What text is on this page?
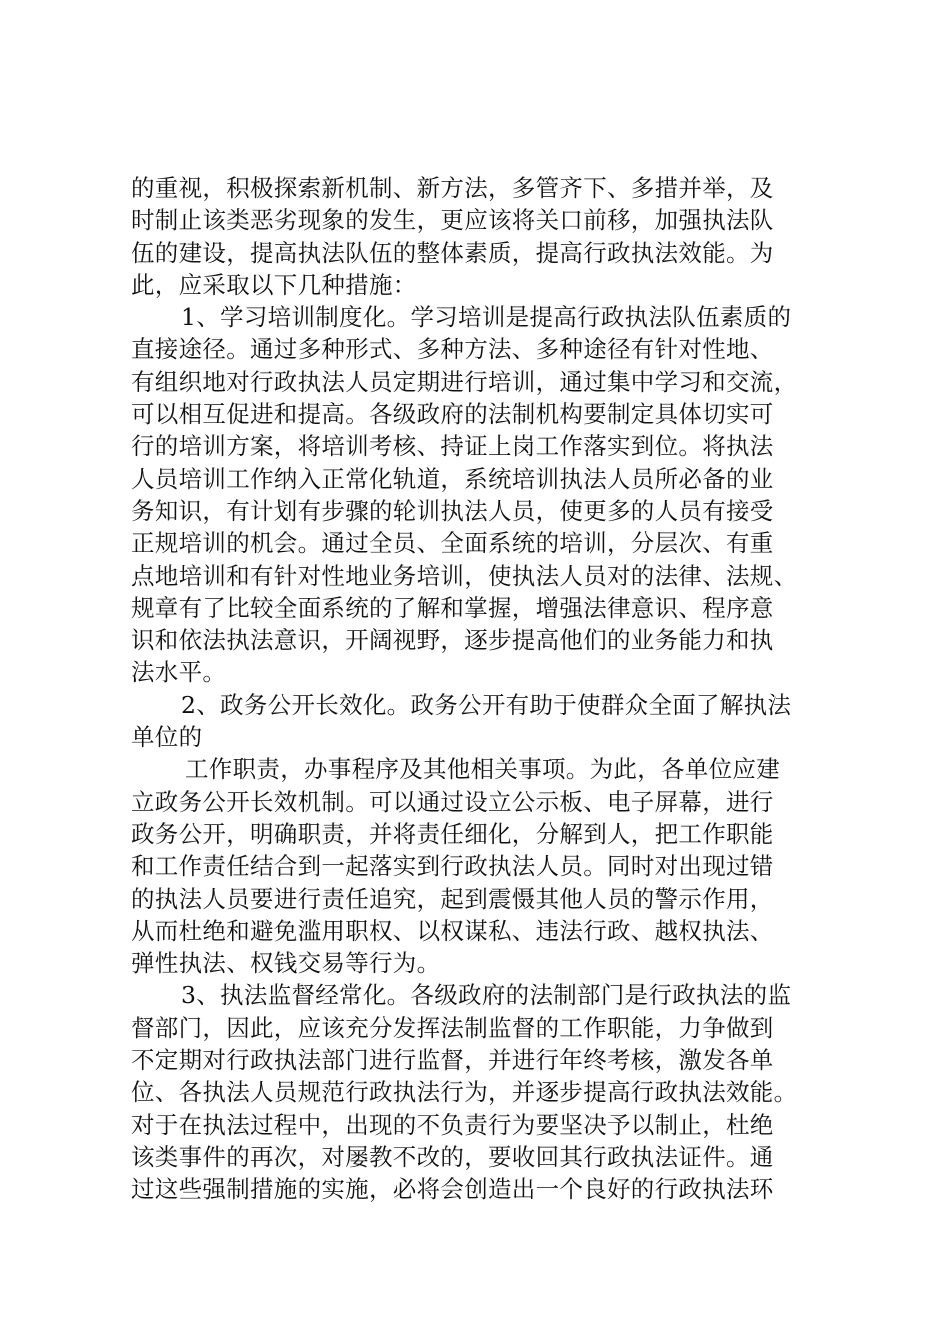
的重视，积极探索新机制、新方法，多管齐下、多措并举，及
时制止该类恶劣现象的发生，更应该将关口前移，加强执法队
伍的建设，提高执法队伍的整体素质，提高行政执法效能。为
此，应采取以下几种措施：
1、学习培训制度化。学习培训是提高行政执法队伍素质的
直接途径。通过多种形式、多种方法、多种途径有针对性地、
有组织地对行政执法人员定期进行培训，通过集中学习和交流，
可以相互促进和提高。各级政府的法制机构要制定具体切实可
行的培训方案，将培训考核、持证上岗工作落实到位。将执法
人员培训工作纳入正常化轨道，系统培训执法人员所必备的业
务知识，有计划有步骤的轮训执法人员，使更多的人员有接受
正规培训的机会。通过全员、全面系统的培训，分层次、有重
点地培训和有针对性地业务培训，使执法人员对的法律、法规、
规章有了比较全面系统的了解和掌握，增强法律意识、程序意
识和依法执法意识，开阔视野，逐步提高他们的业务能力和执
法水平。
2、政务公开长效化。政务公开有助于使群众全面了解执法
单位的
工作职责，办事程序及其他相关事项。为此，各单位应建
立政务公开长效机制。可以通过设立公示板、电子屏幕，进行
政务公开，明确职责，并将责任细化，分解到人，把工作职能
和工作责任结合到一起落实到行政执法人员。同时对出现过错
的执法人员要进行责任追究，起到震慑其他人员的警示作用，
从而杜绝和避免滥用职权、以权谋私、违法行政、越权执法、
弹性执法、权钱交易等行为。
3、执法监督经常化。各级政府的法制部门是行政执法的监
督部门，因此，应该充分发挥法制监督的工作职能，力争做到
不定期对行政执法部门进行监督，并进行年终考核，激发各单
位、各执法人员规范行政执法行为，并逐步提高行政执法效能。
对于在执法过程中，出现的不负责行为要坚决予以制止，杜绝
该类事件的再次，对屡教不改的，要收回其行政执法证件。通
过这些强制措施的实施，必将会创造出一个良好的行政执法环
